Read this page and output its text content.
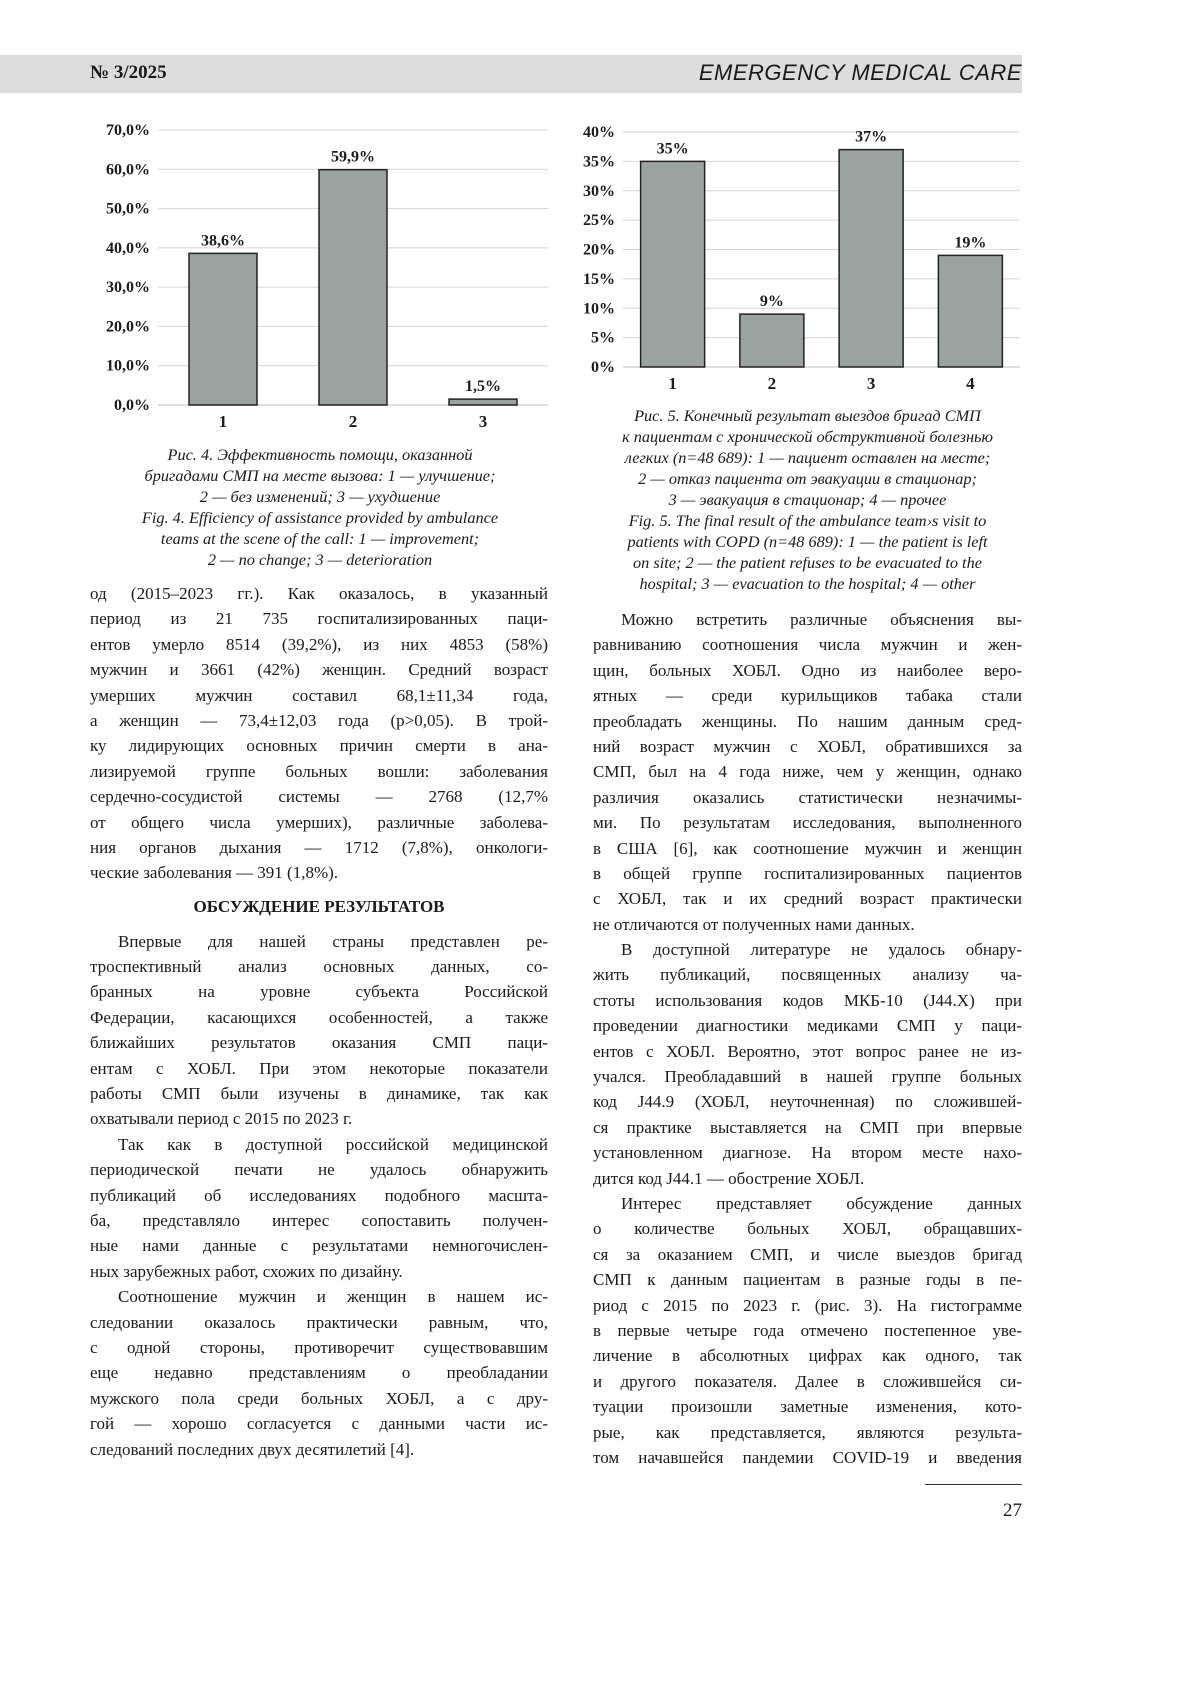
№ 3/2025	EMERGENCY MEDICAL CARE
0,0%
10,0%
20,0%
30,0%
40,0%
50,0%
60,0%
70,0%
38,6%
1
59,9%
2
1,5%
3
0%
5%
10%
15%
20%
25%
30%
35%
40%
35%
1
9%
2
37%
3
19%
4
Рис. 4. Эффективность помощи, оказанной
бригадами СМП на месте вызова: 1 — улучшение;
2 — без изменений; 3 — ухудшение
Fig. 4. Efficiency of assistance provided by ambulance
teams at the scene of the call: 1 — improvement;
2 — no change; 3 — deterioration
Рис. 5. Конечный результат выездов бригад СМП
к пациентам с хронической обструктивной болезнью
легких (n=48 689): 1 — пациент оставлен на месте;
2 — отказ пациента от эвакуации в стационар;
3 — эвакуация в стационар; 4 — прочее
Fig. 5. The final result of the ambulance team›s visit to
patients with COPD (n=48 689): 1 — the patient is left
on site; 2 — the patient refuses to be evacuated to the
hospital; 3 — evacuation to the hospital; 4 — other
од (2015–2023 гг.). Как оказалось, в указанный
период из 21 735 госпитализированных паци-
ентов умерло 8514 (39,2%), из них 4853 (58%)
мужчин и 3661 (42%) женщин. Средний возраст
умерших мужчин составил 68,1±11,34 года,
а женщин — 73,4±12,03 года (p>0,05). В трой-
ку лидирующих основных причин смерти в ана-
лизируемой группе больных вошли: заболевания
сердечно-сосудистой системы — 2768 (12,7%
от общего числа умерших), различные заболева-
ния органов дыхания — 1712 (7,8%), онкологи-
ческие заболевания — 391 (1,8%).
ОБСУЖДЕНИЕ РЕЗУЛЬТАТОВ
Впервые для нашей страны представлен ре-
троспективный анализ основных данных, со-
бранных на уровне субъекта Российской
Федерации, касающихся особенностей, а также
ближайших результатов оказания СМП паци-
ентам с ХОБЛ. При этом некоторые показатели
работы СМП были изучены в динамике, так как
охватывали период с 2015 по 2023 г.
Так как в доступной российской медицинской
периодической печати не удалось обнаружить
публикаций об исследованиях подобного масшта-
ба, представляло интерес сопоставить получен-
ные нами данные с результатами немногочислен-
ных зарубежных работ, схожих по дизайну.
Соотношение мужчин и женщин в нашем ис-
следовании оказалось практически равным, что,
с одной стороны, противоречит существовавшим
еще недавно представлениям о преобладании
мужского пола среди больных ХОБЛ, а с дру-
гой — хорошо согласуется с данными части ис-
следований последних двух десятилетий [4].
Можно встретить различные объяснения вы-
равниванию соотношения числа мужчин и жен-
щин, больных ХОБЛ. Одно из наиболее веро-
ятных — среди курильщиков табака стали
преобладать женщины. По нашим данным сред-
ний возраст мужчин с ХОБЛ, обратившихся за
СМП, был на 4 года ниже, чем у женщин, однако
различия оказались статистически незначимы-
ми. По результатам исследования, выполненного
в США [6], как соотношение мужчин и женщин
в общей группе госпитализированных пациентов
с ХОБЛ, так и их средний возраст практически
не отличаются от полученных нами данных.
В доступной литературе не удалось обнару-
жить публикаций, посвященных анализу ча-
стоты использования кодов МКБ-10 (J44.X) при
проведении диагностики медиками СМП у паци-
ентов с ХОБЛ. Вероятно, этот вопрос ранее не из-
учался. Преобладавший в нашей группе больных
код J44.9 (ХОБЛ, неуточненная) по сложившей-
ся практике выставляется на СМП при впервые
установленном диагнозе. На втором месте нахо-
дится код J44.1 — обострение ХОБЛ.
Интерес представляет обсуждение данных
о количестве больных ХОБЛ, обращавших-
ся за оказанием СМП, и числе выездов бригад
СМП к данным пациентам в разные годы в пе-
риод с 2015 по 2023 г. (рис. 3). На гистограмме
в первые четыре года отмечено постепенное уве-
личение в абсолютных цифрах как одного, так
и другого показателя. Далее в сложившейся си-
туации произошли заметные изменения, кото-
рые, как представляется, являются результа-
том начавшейся пандемии COVID-19 и введения
27
